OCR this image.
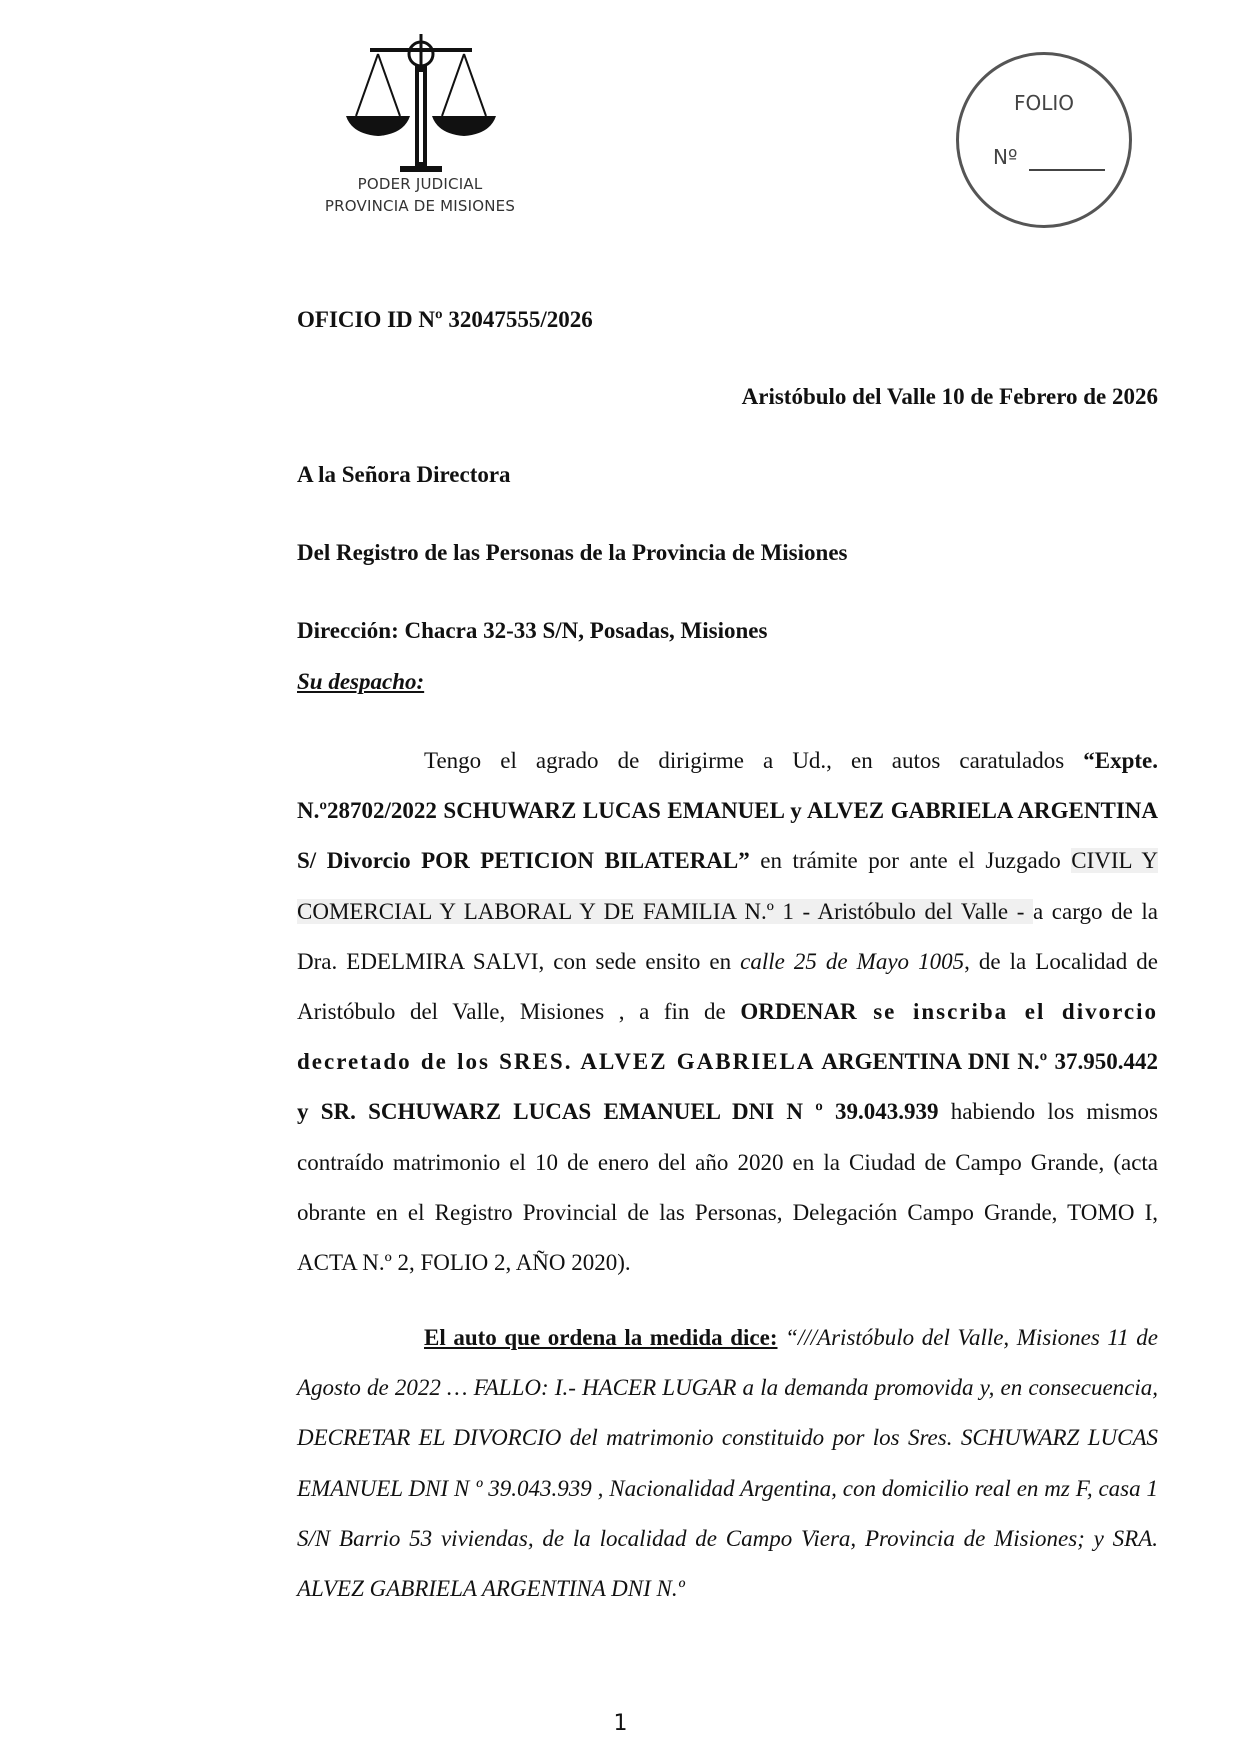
PODER JUDICIAL
PROVINCIA DE MISIONES
FOLIO
Nº

OFICIO ID Nº 32047555/2026

Aristóbulo del Valle 10 de Febrero de 2026

A la Señora Directora

Del Registro de las Personas de la Provincia de Misiones

Dirección: Chacra 32-33 S/N, Posadas, Misiones

Su despacho:

Tengo el agrado de dirigirme a Ud., en autos caratulados “Expte. N.º28702/2022 SCHUWARZ LUCAS EMANUEL y ALVEZ GABRIELA ARGENTINA S/ Divorcio POR PETICION BILATERAL” en trámite por ante el Juzgado CIVIL Y COMERCIAL Y LABORAL Y DE FAMILIA N.º 1 - Aristóbulo del Valle - a cargo de la Dra. EDELMIRA SALVI, con sede ensito en calle 25 de Mayo 1005, de la Localidad de Aristóbulo del Valle, Misiones , a fin de ORDENAR se inscriba el divorcio decretado de los SRES. ALVEZ GABRIELA ARGENTINA DNI N.º 37.950.442 y SR. SCHUWARZ LUCAS EMANUEL DNI N º 39.043.939 habiendo los mismos contraído matrimonio el 10 de enero del año 2020 en la Ciudad de Campo Grande, (acta obrante en el Registro Provincial de las Personas, Delegación Campo Grande, TOMO I, ACTA N.º 2, FOLIO 2, AÑO 2020).

El auto que ordena la medida dice: “///Aristóbulo del Valle, Misiones 11 de Agosto de 2022 … FALLO: I.- HACER LUGAR a la demanda promovida y, en consecuencia, DECRETAR EL DIVORCIO del matrimonio constituido por los Sres. SCHUWARZ LUCAS EMANUEL DNI N º 39.043.939 , Nacionalidad Argentina, con domicilio real en mz F, casa 1 S/N Barrio 53 viviendas, de la localidad de Campo Viera, Provincia de Misiones; y SRA. ALVEZ GABRIELA ARGENTINA DNI N.º

1
